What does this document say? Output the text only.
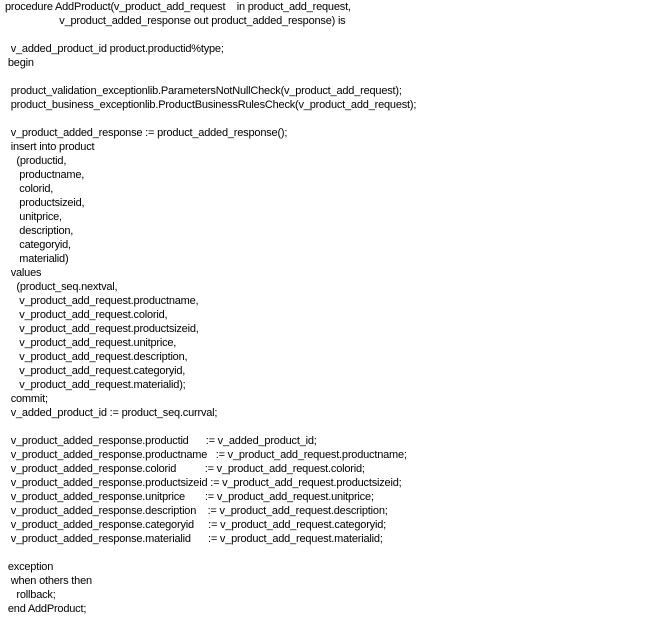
procedure AddProduct(v_product_add_request    in product_add_request,
v_product_added_response out product_added_response) is
v_added_product_id product.productid%type;
begin
product_validation_exceptionlib.ParametersNotNullCheck(v_product_add_request);
product_business_exceptionlib.ProductBusinessRulesCheck(v_product_add_request);
v_product_added_response := product_added_response();
insert into product
(productid,
productname,
colorid,
productsizeid,
unitprice,
description,
categoryid,
materialid)
values
(product_seq.nextval,
v_product_add_request.productname,
v_product_add_request.colorid,
v_product_add_request.productsizeid,
v_product_add_request.unitprice,
v_product_add_request.description,
v_product_add_request.categoryid,
v_product_add_request.materialid);
commit;
v_added_product_id := product_seq.currval;
v_product_added_response.productid      := v_added_product_id;
v_product_added_response.productname   := v_product_add_request.productname;
v_product_added_response.colorid          := v_product_add_request.colorid;
v_product_added_response.productsizeid := v_product_add_request.productsizeid;
v_product_added_response.unitprice       := v_product_add_request.unitprice;
v_product_added_response.description    := v_product_add_request.description;
v_product_added_response.categoryid     := v_product_add_request.categoryid;
v_product_added_response.materialid      := v_product_add_request.materialid;
exception
when others then
rollback;
end AddProduct;
